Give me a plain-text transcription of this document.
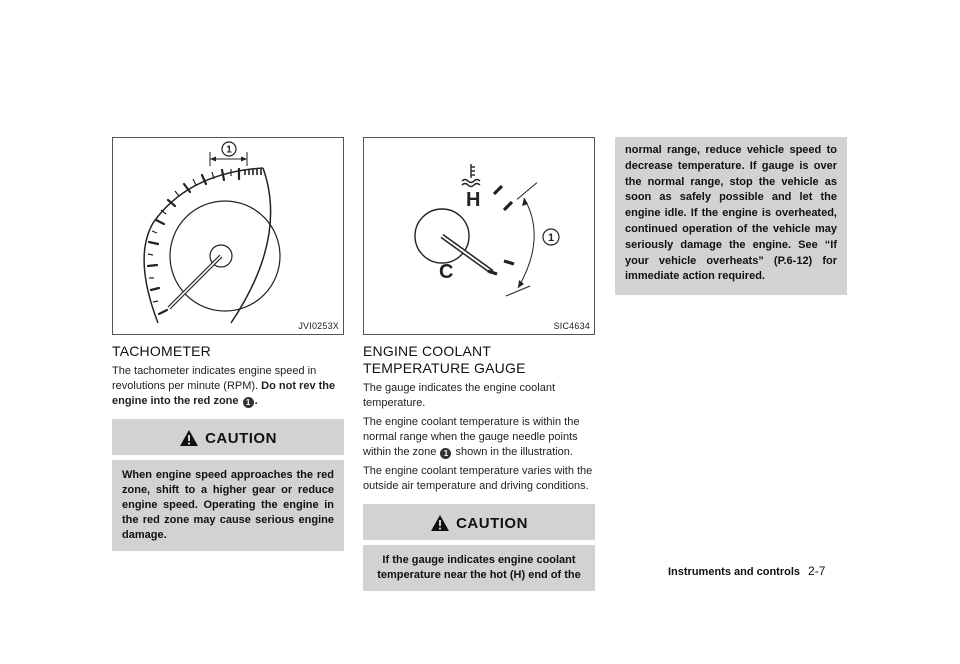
1
JVI0253X
TACHOMETER

The tachometer indicates engine speed in revolutions per minute (RPM). Do not rev the engine into the red zone 1 .

CAUTION
When engine speed approaches the red zone, shift to a higher gear or reduce engine speed. Operating the engine in the red zone may cause serious engine damage.
H
C
1
SIC4634
ENGINE COOLANT TEMPERATURE GAUGE

The gauge indicates the engine coolant temperature.

The engine coolant temperature is within the normal range when the gauge needle points within the zone 1 shown in the illustration.

The engine coolant temperature varies with the outside air temperature and driving conditions.

CAUTION
If the gauge indicates engine coolant temperature near the hot (H) end of the
normal range, reduce vehicle speed to decrease temperature. If gauge is over the normal range, stop the vehicle as soon as safely possible and let the engine idle. If the engine is overheated, continued operation of the vehicle may seriously damage the engine. See “If your vehicle overheats” (P.6-12) for immediate action required.
Instruments and controls 2-7
